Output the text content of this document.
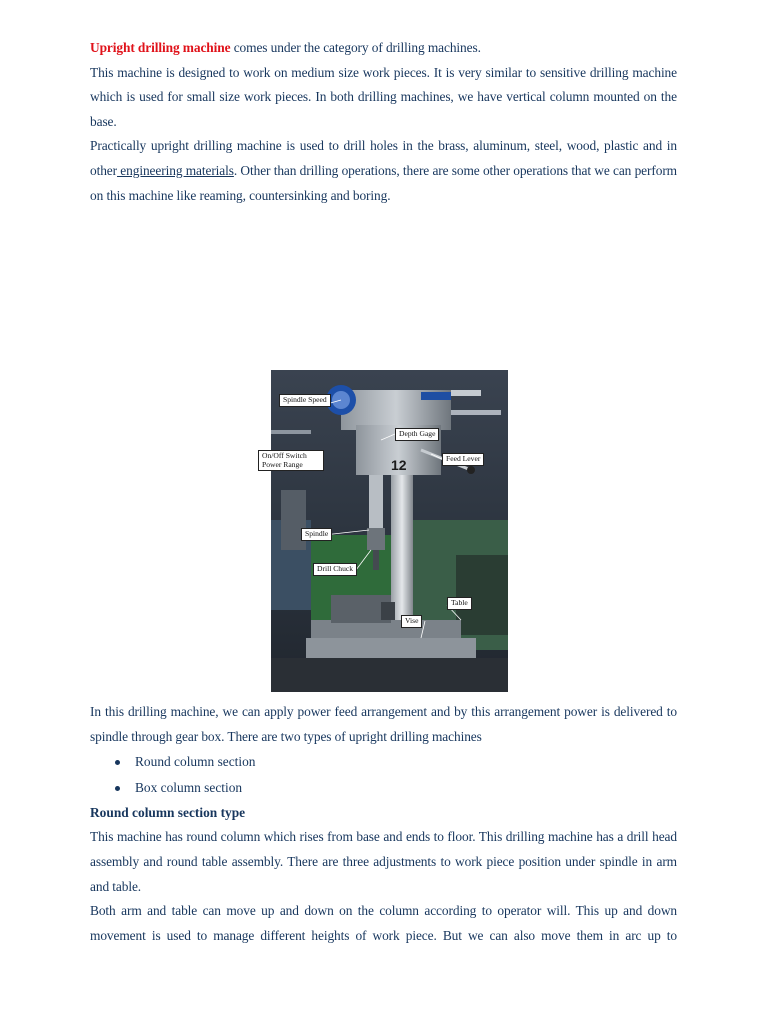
Upright drilling machine comes under the category of drilling machines.

This machine is designed to work on medium size work pieces. It is very similar to sensitive drilling machine which is used for small size work pieces. In both drilling machines, we have vertical column mounted on the base.

Practically upright drilling machine is used to drill holes in the brass, aluminum, steel, wood, plastic and in other engineering materials. Other than drilling operations, there are some other operations that we can perform on this machine like reaming, countersinking and boring.

12
Spindle Speed
Depth Gage
Feed Lever
Spindle
Drill Chuck
Table
Vise
On/Off Switch
Power Range

In this drilling machine, we can apply power feed arrangement and by this arrangement power is delivered to spindle through gear box. There are two types of upright drilling machines

Round column section
Box column section

Round column section type

This machine has round column which rises from base and ends to floor. This drilling machine has a drill head assembly and round table assembly. There are three adjustments to work piece position under spindle in arm and table.

Both arm and table can move up and down on the column according to operator will. This up and down movement is used to manage different heights of work piece. But we can also move them in arc up to
